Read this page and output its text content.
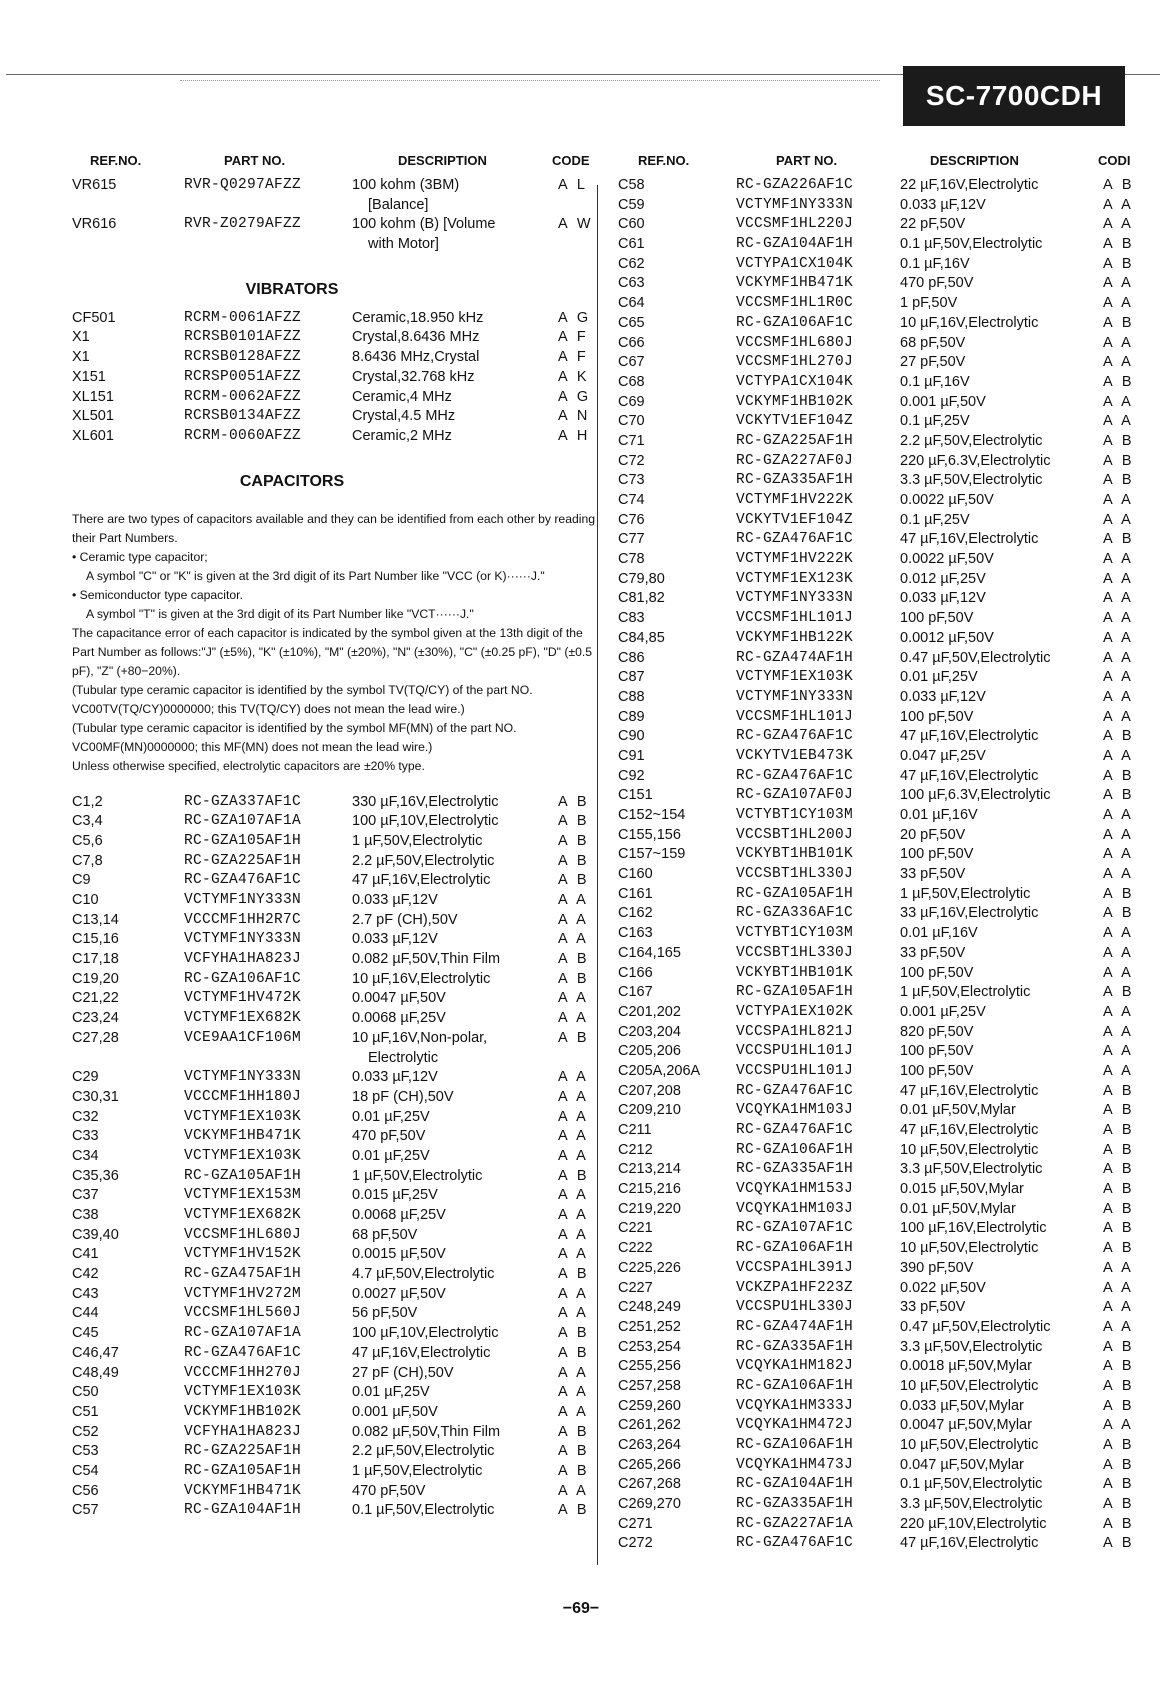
SC-7700CDH
REF.NO.	PART NO.	DESCRIPTION	CODE
VR615	RVR-Q0297AFZZ	100 kohm (3BM)	A L
[Balance]
VR616	RVR-Z0279AFZZ	100 kohm (B) [Volume	A W
with Motor]
VIBRATORS
CF501	RCRM-0061AFZZ	Ceramic,18.950 kHz	A G
X1	RCRSB0101AFZZ	Crystal,8.6436 MHz	A F
X1	RCRSB0128AFZZ	8.6436 MHz,Crystal	A F
X151	RCRSP0051AFZZ	Crystal,32.768 kHz	A K
XL151	RCRM-0062AFZZ	Ceramic,4 MHz	A G
XL501	RCRSB0134AFZZ	Crystal,4.5 MHz	A N
XL601	RCRM-0060AFZZ	Ceramic,2 MHz	A H
CAPACITORS
There are two types of capacitors available and they can be identified from each other by reading their Part Numbers.
• Ceramic type capacitor;
A symbol "C" or "K" is given at the 3rd digit of its Part Number like "VCC (or K)······J."
• Semiconductor type capacitor.
A symbol "T" is given at the 3rd digit of its Part Number like "VCT······J."
The capacitance error of each capacitor is indicated by the symbol given at the 13th digit of the Part Number as follows:"J" (±5%), "K" (±10%), "M" (±20%), "N" (±30%), "C" (±0.25 pF), "D" (±0.5 pF), "Z" (+80−20%).
(Tubular type ceramic capacitor is identified by the symbol TV(TQ/CY) of the part NO. VC00TV(TQ/CY)0000000; this TV(TQ/CY) does not mean the lead wire.)
(Tubular type ceramic capacitor is identified by the symbol MF(MN) of the part NO. VC00MF(MN)0000000; this MF(MN) does not mean the lead wire.)
Unless otherwise specified, electrolytic capacitors are ±20% type.
C1,2	RC-GZA337AF1C	330 µF,16V,Electrolytic	A B
C3,4	RC-GZA107AF1A	100 µF,10V,Electrolytic	A B
C5,6	RC-GZA105AF1H	1 µF,50V,Electrolytic	A B
C7,8	RC-GZA225AF1H	2.2 µF,50V,Electrolytic	A B
C9	RC-GZA476AF1C	47 µF,16V,Electrolytic	A B
C10	VCTYMF1NY333N	0.033 µF,12V	A A
C13,14	VCCCMF1HH2R7C	2.7 pF (CH),50V	A A
C15,16	VCTYMF1NY333N	0.033 µF,12V	A A
C17,18	VCFYHA1HA823J	0.082 µF,50V,Thin Film	A B
C19,20	RC-GZA106AF1C	10 µF,16V,Electrolytic	A B
C21,22	VCTYMF1HV472K	0.0047 µF,50V	A A
C23,24	VCTYMF1EX682K	0.0068 µF,25V	A A
C27,28	VCE9AA1CF106M	10 µF,16V,Non-polar,	A B
Electrolytic
C29	VCTYMF1NY333N	0.033 µF,12V	A A
C30,31	VCCCMF1HH180J	18 pF (CH),50V	A A
C32	VCTYMF1EX103K	0.01 µF,25V	A A
C33	VCKYMF1HB471K	470 pF,50V	A A
C34	VCTYMF1EX103K	0.01 µF,25V	A A
C35,36	RC-GZA105AF1H	1 µF,50V,Electrolytic	A B
C37	VCTYMF1EX153M	0.015 µF,25V	A A
C38	VCTYMF1EX682K	0.0068 µF,25V	A A
C39,40	VCCSMF1HL680J	68 pF,50V	A A
C41	VCTYMF1HV152K	0.0015 µF,50V	A A
C42	RC-GZA475AF1H	4.7 µF,50V,Electrolytic	A B
C43	VCTYMF1HV272M	0.0027 µF,50V	A A
C44	VCCSMF1HL560J	56 pF,50V	A A
C45	RC-GZA107AF1A	100 µF,10V,Electrolytic	A B
C46,47	RC-GZA476AF1C	47 µF,16V,Electrolytic	A B
C48,49	VCCCMF1HH270J	27 pF (CH),50V	A A
C50	VCTYMF1EX103K	0.01 µF,25V	A A
C51	VCKYMF1HB102K	0.001 µF,50V	A A
C52	VCFYHA1HA823J	0.082 µF,50V,Thin Film	A B
C53	RC-GZA225AF1H	2.2 µF,50V,Electrolytic	A B
C54	RC-GZA105AF1H	1 µF,50V,Electrolytic	A B
C56	VCKYMF1HB471K	470 pF,50V	A A
C57	RC-GZA104AF1H	0.1 µF,50V,Electrolytic	A B
REF.NO.	PART NO.	DESCRIPTION	CODI
C58	RC-GZA226AF1C	22 µF,16V,Electrolytic	A B
C59	VCTYMF1NY333N	0.033 µF,12V	A A
C60	VCCSMF1HL220J	22 pF,50V	A A
C61	RC-GZA104AF1H	0.1 µF,50V,Electrolytic	A B
C62	VCTYPA1CX104K	0.1 µF,16V	A B
C63	VCKYMF1HB471K	470 pF,50V	A A
C64	VCCSMF1HL1R0C	1 pF,50V	A A
C65	RC-GZA106AF1C	10 µF,16V,Electrolytic	A B
C66	VCCSMF1HL680J	68 pF,50V	A A
C67	VCCSMF1HL270J	27 pF,50V	A A
C68	VCTYPA1CX104K	0.1 µF,16V	A B
C69	VCKYMF1HB102K	0.001 µF,50V	A A
C70	VCKYTV1EF104Z	0.1 µF,25V	A A
C71	RC-GZA225AF1H	2.2 µF,50V,Electrolytic	A B
C72	RC-GZA227AF0J	220 µF,6.3V,Electrolytic	A B
C73	RC-GZA335AF1H	3.3 µF,50V,Electrolytic	A B
C74	VCTYMF1HV222K	0.0022 µF,50V	A A
C76	VCKYTV1EF104Z	0.1 µF,25V	A A
C77	RC-GZA476AF1C	47 µF,16V,Electrolytic	A B
C78	VCTYMF1HV222K	0.0022 µF,50V	A A
C79,80	VCTYMF1EX123K	0.012 µF,25V	A A
C81,82	VCTYMF1NY333N	0.033 µF,12V	A A
C83	VCCSMF1HL101J	100 pF,50V	A A
C84,85	VCKYMF1HB122K	0.0012 µF,50V	A A
C86	RC-GZA474AF1H	0.47 µF,50V,Electrolytic	A A
C87	VCTYMF1EX103K	0.01 µF,25V	A A
C88	VCTYMF1NY333N	0.033 µF,12V	A A
C89	VCCSMF1HL101J	100 pF,50V	A A
C90	RC-GZA476AF1C	47 µF,16V,Electrolytic	A B
C91	VCKYTV1EB473K	0.047 µF,25V	A A
C92	RC-GZA476AF1C	47 µF,16V,Electrolytic	A B
C151	RC-GZA107AF0J	100 µF,6.3V,Electrolytic	A B
C152~154	VCTYBT1CY103M	0.01 µF,16V	A A
C155,156	VCCSBT1HL200J	20 pF,50V	A A
C157~159	VCKYBT1HB101K	100 pF,50V	A A
C160	VCCSBT1HL330J	33 pF,50V	A A
C161	RC-GZA105AF1H	1 µF,50V,Electrolytic	A B
C162	RC-GZA336AF1C	33 µF,16V,Electrolytic	A B
C163	VCTYBT1CY103M	0.01 µF,16V	A A
C164,165	VCCSBT1HL330J	33 pF,50V	A A
C166	VCKYBT1HB101K	100 pF,50V	A A
C167	RC-GZA105AF1H	1 µF,50V,Electrolytic	A B
C201,202	VCTYPA1EX102K	0.001 µF,25V	A A
C203,204	VCCSPA1HL821J	820 pF,50V	A A
C205,206	VCCSPU1HL101J	100 pF,50V	A A
C205A,206A VCCSPU1HL101J	100 pF,50V	A A
C207,208	RC-GZA476AF1C	47 µF,16V,Electrolytic	A B
C209,210	VCQYKA1HM103J	0.01 µF,50V,Mylar	A B
C211	RC-GZA476AF1C	47 µF,16V,Electrolytic	A B
C212	RC-GZA106AF1H	10 µF,50V,Electrolytic	A B
C213,214	RC-GZA335AF1H	3.3 µF,50V,Electrolytic	A B
C215,216	VCQYKA1HM153J	0.015 µF,50V,Mylar	A B
C219,220	VCQYKA1HM103J	0.01 µF,50V,Mylar	A B
C221	RC-GZA107AF1C	100 µF,16V,Electrolytic	A B
C222	RC-GZA106AF1H	10 µF,50V,Electrolytic	A B
C225,226	VCCSPA1HL391J	390 pF,50V	A A
C227	VCKZPA1HF223Z	0.022 µF,50V	A A
C248,249	VCCSPU1HL330J	33 pF,50V	A A
C251,252	RC-GZA474AF1H	0.47 µF,50V,Electrolytic	A A
C253,254	RC-GZA335AF1H	3.3 µF,50V,Electrolytic	A B
C255,256	VCQYKA1HM182J	0.0018 µF,50V,Mylar	A B
C257,258	RC-GZA106AF1H	10 µF,50V,Electrolytic	A B
C259,260	VCQYKA1HM333J	0.033 µF,50V,Mylar	A B
C261,262	VCQYKA1HM472J	0.0047 µF,50V,Mylar	A A
C263,264	RC-GZA106AF1H	10 µF,50V,Electrolytic	A B
C265,266	VCQYKA1HM473J	0.047 µF,50V,Mylar	A B
C267,268	RC-GZA104AF1H	0.1 µF,50V,Electrolytic	A B
C269,270	RC-GZA335AF1H	3.3 µF,50V,Electrolytic	A B
C271	RC-GZA227AF1A	220 µF,10V,Electrolytic	A B
C272	RC-GZA476AF1C	47 µF,16V,Electrolytic	A B
−69−
